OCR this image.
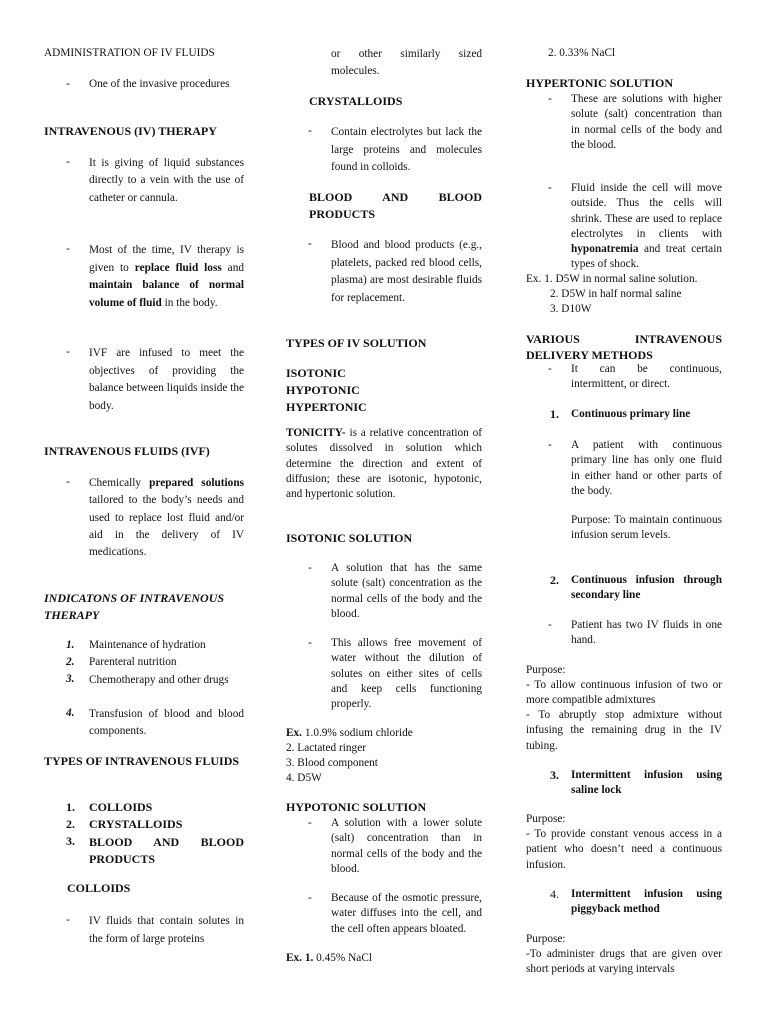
ADMINISTRATION OF IV FLUIDS
- One of the invasive procedures
INTRAVENOUS (IV) THERAPY
- It is giving of liquid substances directly to a vein with the use of catheter or cannula.
- Most of the time, IV therapy is given to replace fluid loss and maintain balance of normal volume of fluid in the body.
- IVF are infused to meet the objectives of providing the balance between liquids inside the body.
INTRAVENOUS FLUIDS (IVF)
- Chemically prepared solutions tailored to the body’s needs and used to replace lost fluid and/or aid in the delivery of IV medications.
INDICATONS OF INTRAVENOUS THERAPY
1. Maintenance of hydration
2. Parenteral nutrition
3. Chemotherapy and other drugs
4. Transfusion of blood and blood components.
TYPES OF INTRAVENOUS FLUIDS
1. COLLOIDS
2. CRYSTALLOIDS
3. BLOOD AND BLOOD PRODUCTS
COLLOIDS
- IV fluids that contain solutes in the form of large proteins
or other similarly sized molecules.
CRYSTALLOIDS
- Contain electrolytes but lack the large proteins and molecules found in colloids.
BLOOD AND BLOOD PRODUCTS
- Blood and blood products (e.g., platelets, packed red blood cells, plasma) are most desirable fluids for replacement.
TYPES OF IV SOLUTION
ISOTONIC
HYPOTONIC
HYPERTONIC
TONICITY- is a relative concentration of solutes dissolved in solution which determine the direction and extent of diffusion; these are isotonic, hypotonic, and hypertonic solution.
ISOTONIC SOLUTION
- A solution that has the same solute (salt) concentration as the normal cells of the body and the blood.
- This allows free movement of water without the dilution of solutes on either sites of cells and keep cells functioning properly.
Ex. 1.0.9% sodium chloride
2. Lactated ringer
3. Blood component
4. D5W
HYPOTONIC SOLUTION
- A solution with a lower solute (salt) concentration than in normal cells of the body and the blood.
- Because of the osmotic pressure, water diffuses into the cell, and the cell often appears bloated.
Ex. 1. 0.45% NaCl
2. 0.33% NaCl
HYPERTONIC SOLUTION
- These are solutions with higher solute (salt) concentration than in normal cells of the body and the blood.
- Fluid inside the cell will move outside. Thus the cells will shrink. These are used to replace electrolytes in clients with hyponatremia and treat certain types of shock.
Ex. 1. D5W in normal saline solution.
2. D5W in half normal saline
3. D10W
VARIOUS INTRAVENOUS DELIVERY METHODS
- It can be continuous, intermittent, or direct.
1. Continuous primary line
- A patient with continuous primary line has only one fluid in either hand or other parts of the body.
Purpose: To maintain continuous infusion serum levels.
2. Continuous infusion through secondary line
- Patient has two IV fluids in one hand.
Purpose:
- To allow continuous infusion of two or more compatible admixtures
- To abruptly stop admixture without infusing the remaining drug in the IV tubing.
3. Intermittent infusion using saline lock
Purpose:
- To provide constant venous access in a patient who doesn’t need a continuous infusion.
4. Intermittent infusion using piggyback method
Purpose:
-To administer drugs that are given over short periods at varying intervals
